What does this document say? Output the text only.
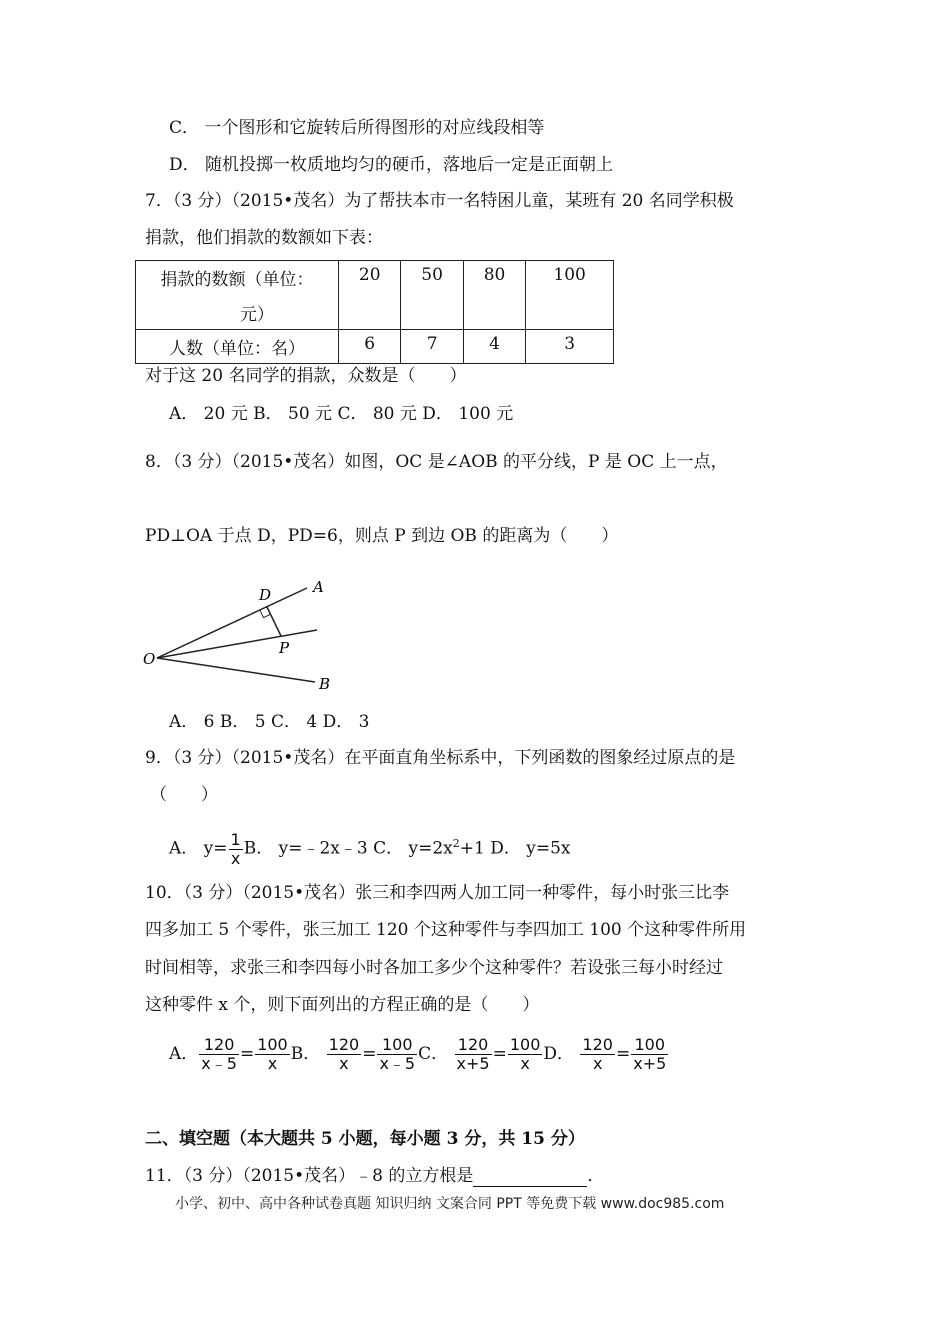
C． 一个图形和它旋转后所得图形的对应线段相等
D． 随机投掷一枚质地均匀的硬币，落地后一定是正面朝上
7．（3 分）（2015•茂名）为了帮扶本市一名特困儿童，某班有 20 名同学积极
捐款，他们捐款的数额如下表：
捐款的数额（单位：
元）	20	50	80	100
人数（单位：名）	6	7	4	3
对于这 20 名同学的捐款，众数是（　　）
A． 20 元 B． 50 元 C． 80 元 D． 100 元
8．（3 分）（2015•茂名）如图，OC 是∠AOB 的平分线，P 是 OC 上一点，
PD⊥OA 于点 D，PD=6，则点 P 到边 OB 的距离为（　　）
A
D
P
O
B
A． 6 B． 5 C． 4 D． 3
9．（3 分）（2015•茂名）在平面直角坐标系中，下列函数的图象经过原点的是
（　　）
A． $y= \frac{1}{x}$ B． y=﹣2x﹣3 C． $y=2x^2+1$ D． y=5x
10．（3 分）（2015•茂名）张三和李四两人加工同一种零件，每小时张三比李
四多加工 5 个零件，张三加工 120 个这种零件与李四加工 100 个这种零件所用
时间相等，求张三和李四每小时各加工多少个这种零件？若设张三每小时经过
这种零件 x 个，则下面列出的方程正确的是（　　）
A． $\frac{120}{x﹣5} = \frac{100}{x}$ B． $\frac{120}{x} = \frac{100}{x﹣5}$ C． $\frac{120}{x+5} = \frac{100}{x}$ D． $\frac{120}{x} = \frac{100}{x+5}$
二、填空题（本大题共 5 小题，每小题 3 分，共 15 分）
11．（3 分）（2015•茂名）﹣8 的立方根是	．
小学、初中、高中各种试卷真题 知识归纳 文案合同 PPT 等免费下载 www.doc985.com
